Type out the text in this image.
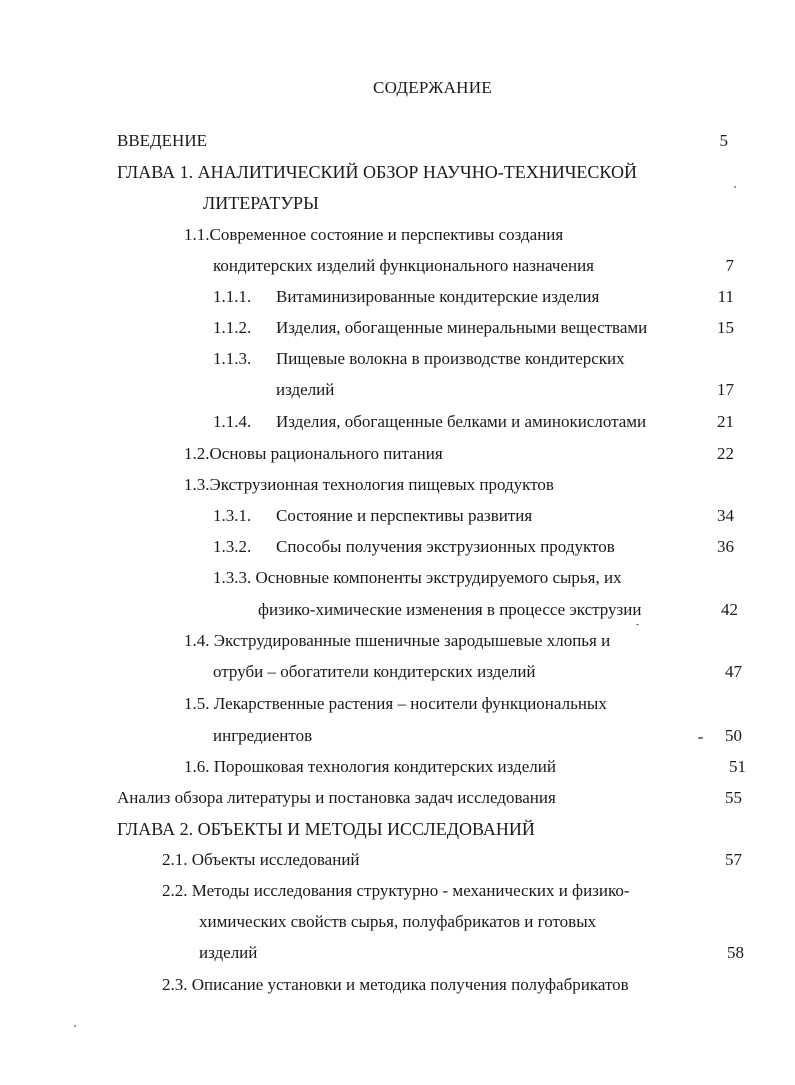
СОДЕРЖАНИЕ
ВВЕДЕНИЕ	5
ГЛАВА 1. АНАЛИТИЧЕСКИЙ ОБЗОР НАУЧНО-ТЕХНИЧЕСКОЙ
ЛИТЕРАТУРЫ
1.1.Современное состояние и перспективы создания
кондитерских изделий функционального назначения	7
1.1.1. Витаминизированные кондитерские изделия	11
1.1.2. Изделия, обогащенные минеральными веществами	15
1.1.3. Пищевые волокна в производстве кондитерских
изделий	17
1.1.4. Изделия, обогащенные белками и аминокислотами	21
1.2.Основы рационального питания	22
1.3.Экструзионная технология пищевых продуктов
1.3.1. Состояние и перспективы развития	34
1.3.2. Способы получения экструзионных продуктов	36
1.3.3. Основные компоненты экструдируемого сырья, их
физико-химические изменения в процессе экструзии	42
1.4. Экструдированные пшеничные зародышевые хлопья и
отруби – обогатители кондитерских изделий	47
1.5. Лекарственные растения – носители функциональных
ингредиентов	50
1.6. Порошковая технология кондитерских изделий	51
Анализ обзора литературы и постановка задач исследования	55
ГЛАВА 2. ОБЪЕКТЫ И МЕТОДЫ ИССЛЕДОВАНИЙ
2.1. Объекты исследований	57
2.2. Методы исследования структурно - механических и физико-
химических свойств сырья, полуфабрикатов и готовых
изделий	58
2.3. Описание установки и методика получения полуфабрикатов
